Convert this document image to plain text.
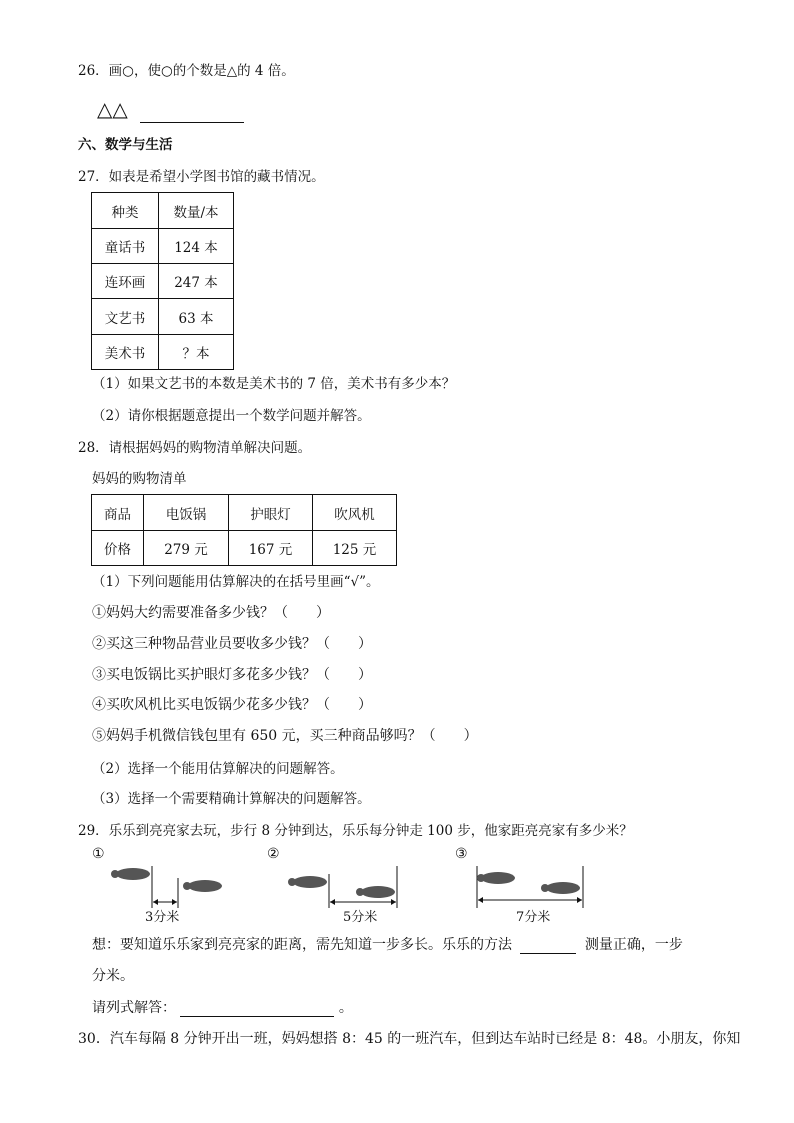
26．画○，使○的个数是△的 4 倍。
△△
六、数学与生活
27．如表是希望小学图书馆的藏书情况。
种类	数量/本
童话书	124 本
连环画	247 本
文艺书	63 本
美术书	？本
（1）如果文艺书的本数是美术书的 7 倍，美术书有多少本？
（2）请你根据题意提出一个数学问题并解答。
28．请根据妈妈的购物清单解决问题。
妈妈的购物清单
商品	电饭锅	护眼灯	吹风机
价格	279 元	167 元	125 元
（1）下列问题能用估算解决的在括号里画“√”。
①妈妈大约需要准备多少钱？（　　）
②买这三种物品营业员要收多少钱？（　　）
③买电饭锅比买护眼灯多花多少钱？（　　）
④买吹风机比买电饭锅少花多少钱？（　　）
⑤妈妈手机微信钱包里有 650 元，买三种商品够吗？（　　）
（2）选择一个能用估算解决的问题解答。
（3）选择一个需要精确计算解决的问题解答。
29．乐乐到亮亮家去玩，步行 8 分钟到达，乐乐每分钟走 100 步，他家距亮亮家有多少米？
①
3分米
②
5分米
③
7分米
想：要知道乐乐家到亮亮家的距离，需先知道一步多长。乐乐的方法	测量正确，一步
分米。
请列式解答：	。
30．汽车每隔 8 分钟开出一班，妈妈想搭 8：45 的一班汽车，但到达车站时已经是 8：48。小朋友，你知
